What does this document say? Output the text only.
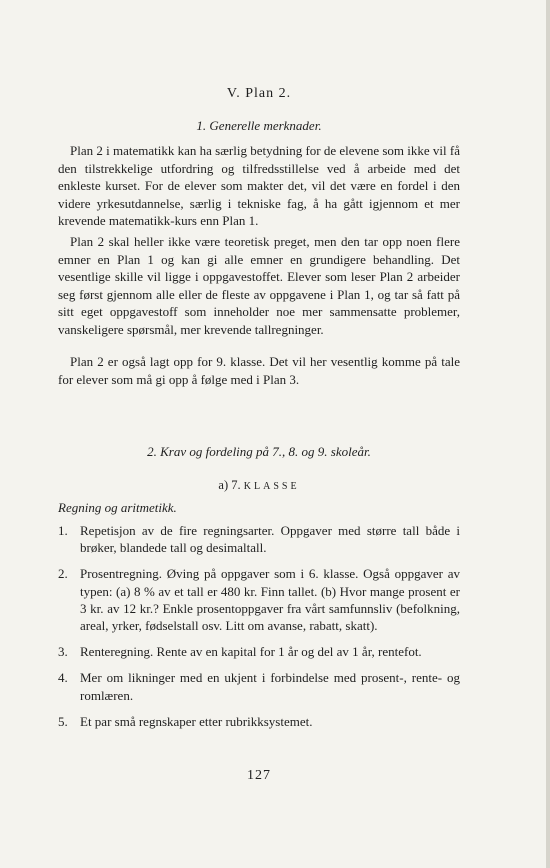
V. Plan 2.
1. Generelle merknader.

Plan 2 i matematikk kan ha særlig betydning for de elevene som ikke vil få den tilstrekkelige utfordring og tilfredsstillelse ved å arbeide med det enkleste kurset. For de elever som makter det, vil det være en fordel i den videre yrkesutdannelse, særlig i tekniske fag, å ha gått igjennom et mer krevende matematikk-kurs enn Plan 1.

Plan 2 skal heller ikke være teoretisk preget, men den tar opp noen flere emner en Plan 1 og kan gi alle emner en grundigere behandling. Det vesentlige skille vil ligge i oppgavestoffet. Elever som leser Plan 2 arbeider seg først gjennom alle eller de fleste av oppgavene i Plan 1, og tar så fatt på sitt eget oppgavestoff som inneholder noe mer sammensatte problemer, vanskeligere spørsmål, mer krevende tallregninger.

Plan 2 er også lagt opp for 9. klasse. Det vil her vesentlig komme på tale for elever som må gi opp å følge med i Plan 3.

2. Krav og fordeling på 7., 8. og 9. skoleår.
a) 7. KLASSE
Regning og aritmetikk.
1. Repetisjon av de fire regningsarter. Oppgaver med større tall både i brøker, blandede tall og desimaltall.
2. Prosentregning. Øving på oppgaver som i 6. klasse. Også oppgaver av typen: (a) 8 % av et tall er 480 kr. Finn tallet. (b) Hvor mange prosent er 3 kr. av 12 kr.? Enkle prosentoppgaver fra vårt samfunnsliv (befolkning, areal, yrker, fødselstall osv. Litt om avanse, rabatt, skatt).
3. Renteregning. Rente av en kapital for 1 år og del av 1 år, rentefot.
4. Mer om likninger med en ukjent i forbindelse med prosent-, rente- og romlæren.
5. Et par små regnskaper etter rubrikksystemet.
127
